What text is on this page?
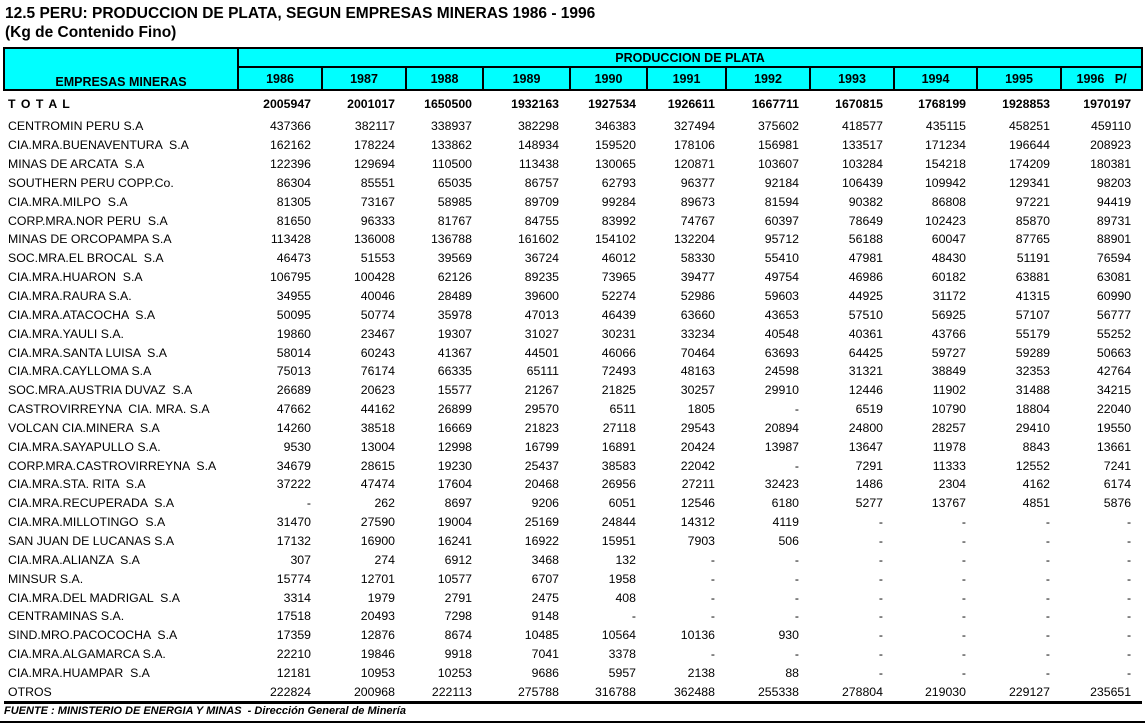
12.5 PERU: PRODUCCION DE PLATA, SEGUN EMPRESAS MINERAS 1986 - 1996
(Kg de Contenido Fino)
EMPRESAS MINERAS	PRODUCCION DE PLATA										
	1986	1987	1988	1989	1990	1991	1992	1993	1994	1995	1996   P/
T O T A L	2005947	2001017	1650500	1932163	1927534	1926611	1667711	1670815	1768199	1928853	1970197
CENTROMIN PERU S.A	437366	382117	338937	382298	346383	327494	375602	418577	435115	458251	459110
CIA.MRA.BUENAVENTURA  S.A	162162	178224	133862	148934	159520	178106	156981	133517	171234	196644	208923
MINAS DE ARCATA  S.A	122396	129694	110500	113438	130065	120871	103607	103284	154218	174209	180381
SOUTHERN PERU COPP.Co.	86304	85551	65035	86757	62793	96377	92184	106439	109942	129341	98203
CIA.MRA.MILPO  S.A	81305	73167	58985	89709	99284	89673	81594	90382	86808	97221	94419
CORP.MRA.NOR PERU  S.A	81650	96333	81767	84755	83992	74767	60397	78649	102423	85870	89731
MINAS DE ORCOPAMPA S.A	113428	136008	136788	161602	154102	132204	95712	56188	60047	87765	88901
SOC.MRA.EL BROCAL  S.A	46473	51553	39569	36724	46012	58330	55410	47981	48430	51191	76594
CIA.MRA.HUARON  S.A	106795	100428	62126	89235	73965	39477	49754	46986	60182	63881	63081
CIA.MRA.RAURA S.A.	34955	40046	28489	39600	52274	52986	59603	44925	31172	41315	60990
CIA.MRA.ATACOCHA  S.A	50095	50774	35978	47013	46439	63660	43653	57510	56925	57107	56777
CIA.MRA.YAULI S.A.	19860	23467	19307	31027	30231	33234	40548	40361	43766	55179	55252
CIA.MRA.SANTA LUISA  S.A	58014	60243	41367	44501	46066	70464	63693	64425	59727	59289	50663
CIA.MRA.CAYLLOMA S.A	75013	76174	66335	65111	72493	48163	24598	31321	38849	32353	42764
SOC.MRA.AUSTRIA DUVAZ  S.A	26689	20623	15577	21267	21825	30257	29910	12446	11902	31488	34215
CASTROVIRREYNA  CIA. MRA. S.A	47662	44162	26899	29570	6511	1805	-	6519	10790	18804	22040
VOLCAN CIA.MINERA  S.A	14260	38518	16669	21823	27118	29543	20894	24800	28257	29410	19550
CIA.MRA.SAYAPULLO S.A.	9530	13004	12998	16799	16891	20424	13987	13647	11978	8843	13661
CORP.MRA.CASTROVIRREYNA  S.A	34679	28615	19230	25437	38583	22042	-	7291	11333	12552	7241
CIA.MRA.STA. RITA  S.A	37222	47474	17604	20468	26956	27211	32423	1486	2304	4162	6174
CIA.MRA.RECUPERADA  S.A	-	262	8697	9206	6051	12546	6180	5277	13767	4851	5876
CIA.MRA.MILLOTINGO  S.A	31470	27590	19004	25169	24844	14312	4119	-	-	-	-
SAN JUAN DE LUCANAS S.A	17132	16900	16241	16922	15951	7903	506	-	-	-	-
CIA.MRA.ALIANZA  S.A	307	274	6912	3468	132	-	-	-	-	-	-
MINSUR S.A.	15774	12701	10577	6707	1958	-	-	-	-	-	-
CIA.MRA.DEL MADRIGAL  S.A	3314	1979	2791	2475	408	-	-	-	-	-	-
CENTRAMINAS S.A.	17518	20493	7298	9148	-	-	-	-	-	-	-
SIND.MRO.PACOCOCHA  S.A	17359	12876	8674	10485	10564	10136	930	-	-	-	-
CIA.MRA.ALGAMARCA S.A.	22210	19846	9918	7041	3378	-	-	-	-	-	-
CIA.MRA.HUAMPAR  S.A	12181	10953	10253	9686	5957	2138	88	-	-	-	-
OTROS	222824	200968	222113	275788	316788	362488	255338	278804	219030	229127	235651
FUENTE : MINISTERIO DE ENERGIA Y MINAS  - Dirección General de Minería
